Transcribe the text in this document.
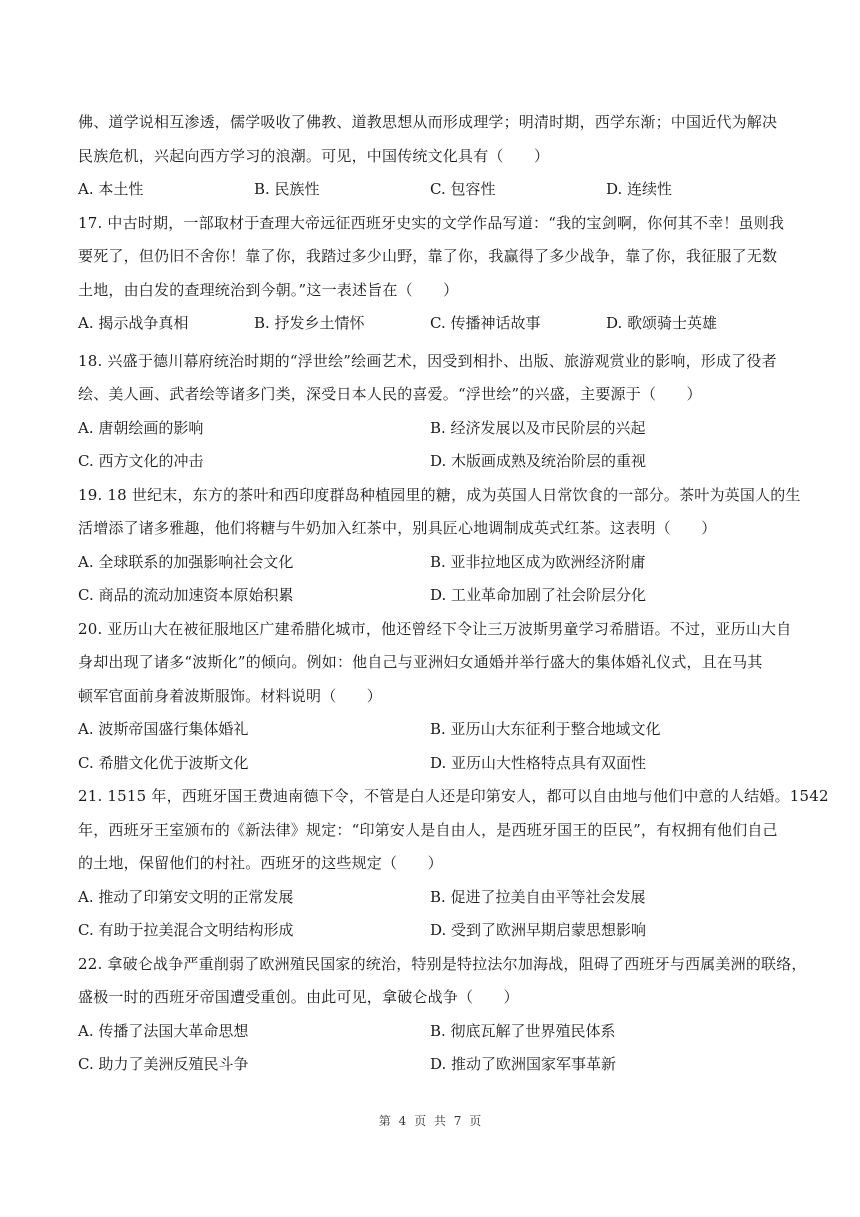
佛、道学说相互渗透，儒学吸收了佛教、道教思想从而形成理学；明清时期，西学东渐；中国近代为解决
民族危机，兴起向西方学习的浪潮。可见，中国传统文化具有（　　）

A. 本土性	B. 民族性	C. 包容性	D. 连续性

17. 中古时期，一部取材于查理大帝远征西班牙史实的文学作品写道：“我的宝剑啊，你何其不幸！虽则我
要死了，但仍旧不舍你！靠了你，我踏过多少山野，靠了你，我赢得了多少战争，靠了你，我征服了无数
土地，由白发的查理统治到今朝。”这一表述旨在（　　）

A. 揭示战争真相	B. 抒发乡土情怀	C. 传播神话故事	D. 歌颂骑士英雄

18. 兴盛于德川幕府统治时期的“浮世绘”绘画艺术，因受到相扑、出版、旅游观赏业的影响，形成了役者
绘、美人画、武者绘等诸多门类，深受日本人民的喜爱。“浮世绘”的兴盛，主要源于（　　）

A. 唐朝绘画的影响	B. 经济发展以及市民阶层的兴起
C. 西方文化的冲击	D. 木版画成熟及统治阶层的重视

19. 18 世纪末，东方的茶叶和西印度群岛种植园里的糖，成为英国人日常饮食的一部分。茶叶为英国人的生
活增添了诸多雅趣，他们将糖与牛奶加入红茶中，别具匠心地调制成英式红茶。这表明（　　）

A. 全球联系的加强影响社会文化	B. 亚非拉地区成为欧洲经济附庸
C. 商品的流动加速资本原始积累	D. 工业革命加剧了社会阶层分化

20. 亚历山大在被征服地区广建希腊化城市，他还曾经下令让三万波斯男童学习希腊语。不过，亚历山大自
身却出现了诸多“波斯化”的倾向。例如：他自己与亚洲妇女通婚并举行盛大的集体婚礼仪式，且在马其
顿军官面前身着波斯服饰。材料说明（　　）

A. 波斯帝国盛行集体婚礼	B. 亚历山大东征利于整合地域文化
C. 希腊文化优于波斯文化	D. 亚历山大性格特点具有双面性

21. 1515 年，西班牙国王费迪南德下令，不管是白人还是印第安人，都可以自由地与他们中意的人结婚。1542
年，西班牙王室颁布的《新法律》规定：“印第安人是自由人，是西班牙国王的臣民”，有权拥有他们自己
的土地，保留他们的村社。西班牙的这些规定（　　）

A. 推动了印第安文明的正常发展	B. 促进了拉美自由平等社会发展
C. 有助于拉美混合文明结构形成	D. 受到了欧洲早期启蒙思想影响

22. 拿破仑战争严重削弱了欧洲殖民国家的统治，特别是特拉法尔加海战，阻碍了西班牙与西属美洲的联络，
盛极一时的西班牙帝国遭受重创。由此可见，拿破仑战争（　　）

A. 传播了法国大革命思想	B. 彻底瓦解了世界殖民体系
C. 助力了美洲反殖民斗争	D. 推动了欧洲国家军事革新
第 4 页 共 7 页
